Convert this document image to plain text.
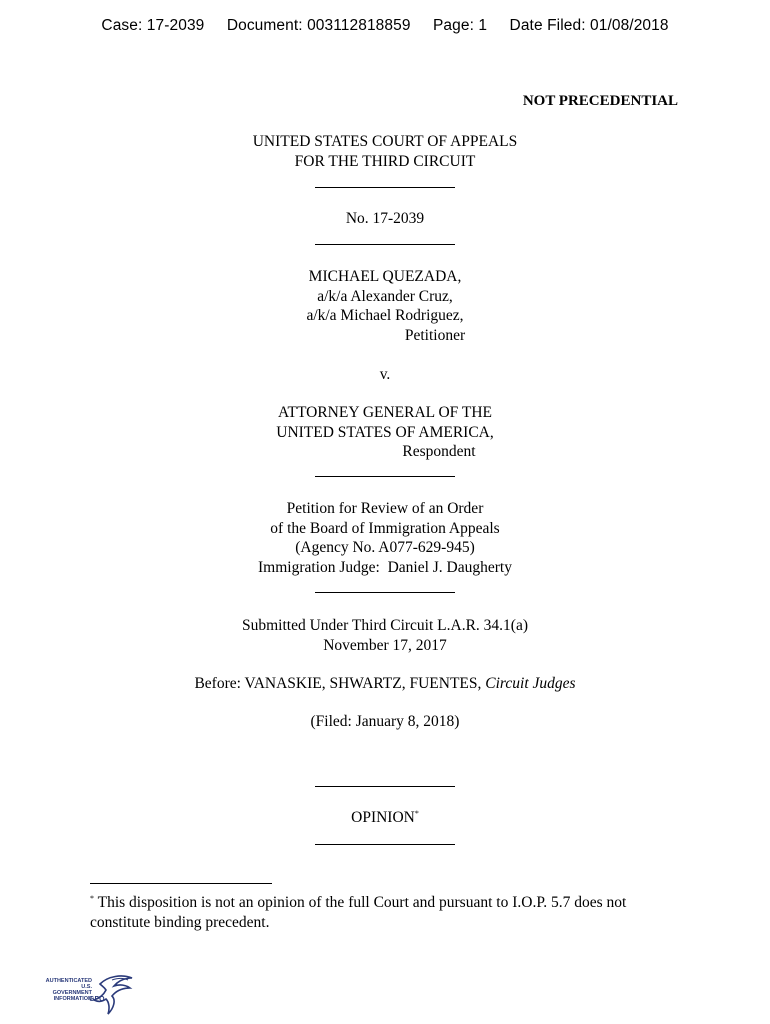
Case: 17-2039 Document: 003112818859 Page: 1 Date Filed: 01/08/2018
NOT PRECEDENTIAL
UNITED STATES COURT OF APPEALS
FOR THE THIRD CIRCUIT
No. 17-2039
MICHAEL QUEZADA,
a/k/a Alexander Cruz,
a/k/a Michael Rodriguez,
Petitioner
v.
ATTORNEY GENERAL OF THE
UNITED STATES OF AMERICA,
Respondent
Petition for Review of an Order
of the Board of Immigration Appeals
(Agency No. A077-629-945)
Immigration Judge:  Daniel J. Daugherty
Submitted Under Third Circuit L.A.R. 34.1(a)
November 17, 2017
Before: VANASKIE, SHWARTZ, FUENTES, Circuit Judges
(Filed: January 8, 2018)
OPINION*
* This disposition is not an opinion of the full Court and pursuant to I.O.P. 5.7 does not constitute binding precedent.
AUTHENTICATED
U.S. GOVERNMENT
INFORMATION
GPO
